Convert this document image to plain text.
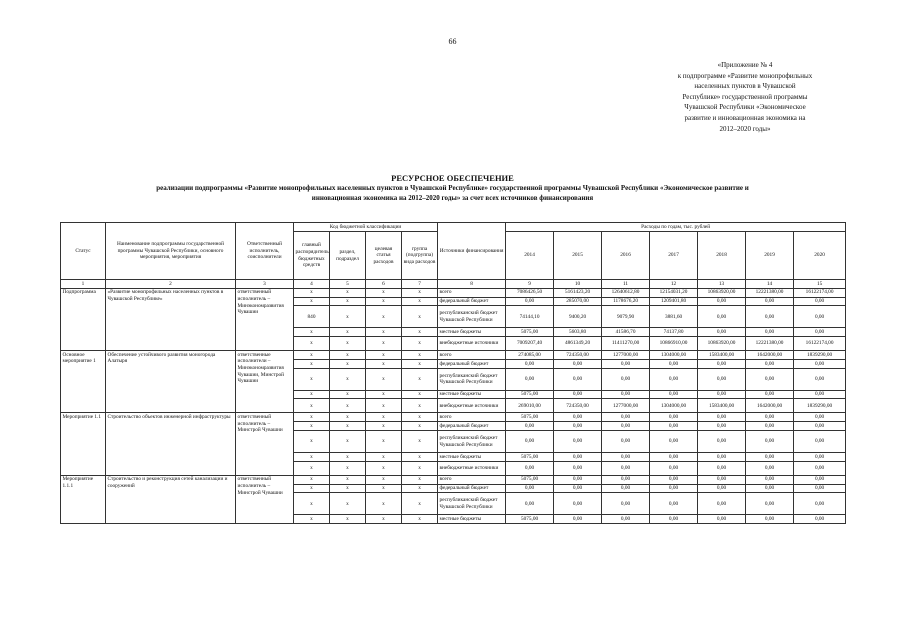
66
«Приложение № 4
к подпрограмме «Развитие монопрофильных
населенных пунктов в Чувашской
Республике» государственной программы
Чувашской Республики «Экономическое
развитие и инновационная экономика на
2012–2020 годы»
РЕСУРСНОЕ ОБЕСПЕЧЕНИЕ
реализации подпрограммы «Развитие монопрофильных населенных пунктов в Чувашской Республике» государственной программы Чувашской Республики «Экономическое развитие и
инновационная экономика на 2012–2020 годы» за счет всех источников финансирования
Статус	Наименование подпрограммы государственной программы Чувашской Республики, основного мероприятия, мероприятия	Ответственный исполнитель, соисполнители	Код бюджетной классификации				Источники финансирования	Расходы по годам, тыс. рублей						
			главный распорядитель бюджетных средств	раздел, подраздел	целевая статья расходов	группа (подгруппа) вида расходов		2014	2015	2016	2017	2018	2019	2020
1	2	3	4	5	6	7	8	9	10	11	12	13	14	15
Подпрограмма	«Развитие монопрофильных населенных пунктов в Чувашской Республике»	ответственный исполнитель – Минэкономразвития Чувашии	x	x	x	x	всего	7086426,50	5161423,20	12640612,80	12154031,20	10863920,00	12221380,00	16122174,00
			x	x	x	x	федеральный бюджет	0,00	285070,00	1178676,20	1209401,80	0,00	0,00	0,00
			840	x	x	x	республиканский бюджет Чувашской Республики	74144,10	9400,20	9079,90	3881,60	0,00	0,00	0,00
			x	x	x	x	местные бюджеты	5075,00	5603,80	41586,70	74137,80	0,00	0,00	0,00
			x	x	x	x	внебюджетные источники	7009207,40	4861349,20	11411270,00	10866910,00	10863920,00	12221380,00	16122174,00
Основное мероприятие 1	Обеспечение устойчивого развития моногорода Алатыря	ответственные исполнители – Минэкономразвития Чувашии, Минстрой Чувашии	x	x	x	x	всего	274085,00	724350,00	1277000,00	1304000,00	1583400,00	1642000,00	1839290,00
			x	x	x	x	федеральный бюджет	0,00	0,00	0,00	0,00	0,00	0,00	0,00
			x	x	x	x	республиканский бюджет Чувашской Республики	0,00	0,00	0,00	0,00	0,00	0,00	0,00
			x	x	x	x	местные бюджеты	5075,00	0,00	0,00	0,00	0,00	0,00	0,00
			x	x	x	x	внебюджетные источники	269010,00	724350,00	1277000,00	1304000,00	1583400,00	1642000,00	1839290,00
Мероприятие 1.1	Строительство объектов инженерной инфраструктуры	ответственный исполнитель – Минстрой Чувашии	x	x	x	x	всего	5075,00	0,00	0,00	0,00	0,00	0,00	0,00
			x	x	x	x	федеральный бюджет	0,00	0,00	0,00	0,00	0,00	0,00	0,00
			x	x	x	x	республиканский бюджет Чувашской Республики	0,00	0,00	0,00	0,00	0,00	0,00	0,00
			x	x	x	x	местные бюджеты	5075,00	0,00	0,00	0,00	0,00	0,00	0,00
			x	x	x	x	внебюджетные источники	0,00	0,00	0,00	0,00	0,00	0,00	0,00
Мероприятие 1.1.1	Строительство и реконструкция сетей канализации и сооружений	ответственный исполнитель – Минстрой Чувашии	x	x	x	x	всего	5075,00	0,00	0,00	0,00	0,00	0,00	0,00
			x	x	x	x	федеральный бюджет	0,00	0,00	0,00	0,00	0,00	0,00	0,00
			x	x	x	x	республиканский бюджет Чувашской Республики	0,00	0,00	0,00	0,00	0,00	0,00	0,00
			x	x	x	x	местные бюджеты	5075,00	0,00	0,00	0,00	0,00	0,00	0,00
